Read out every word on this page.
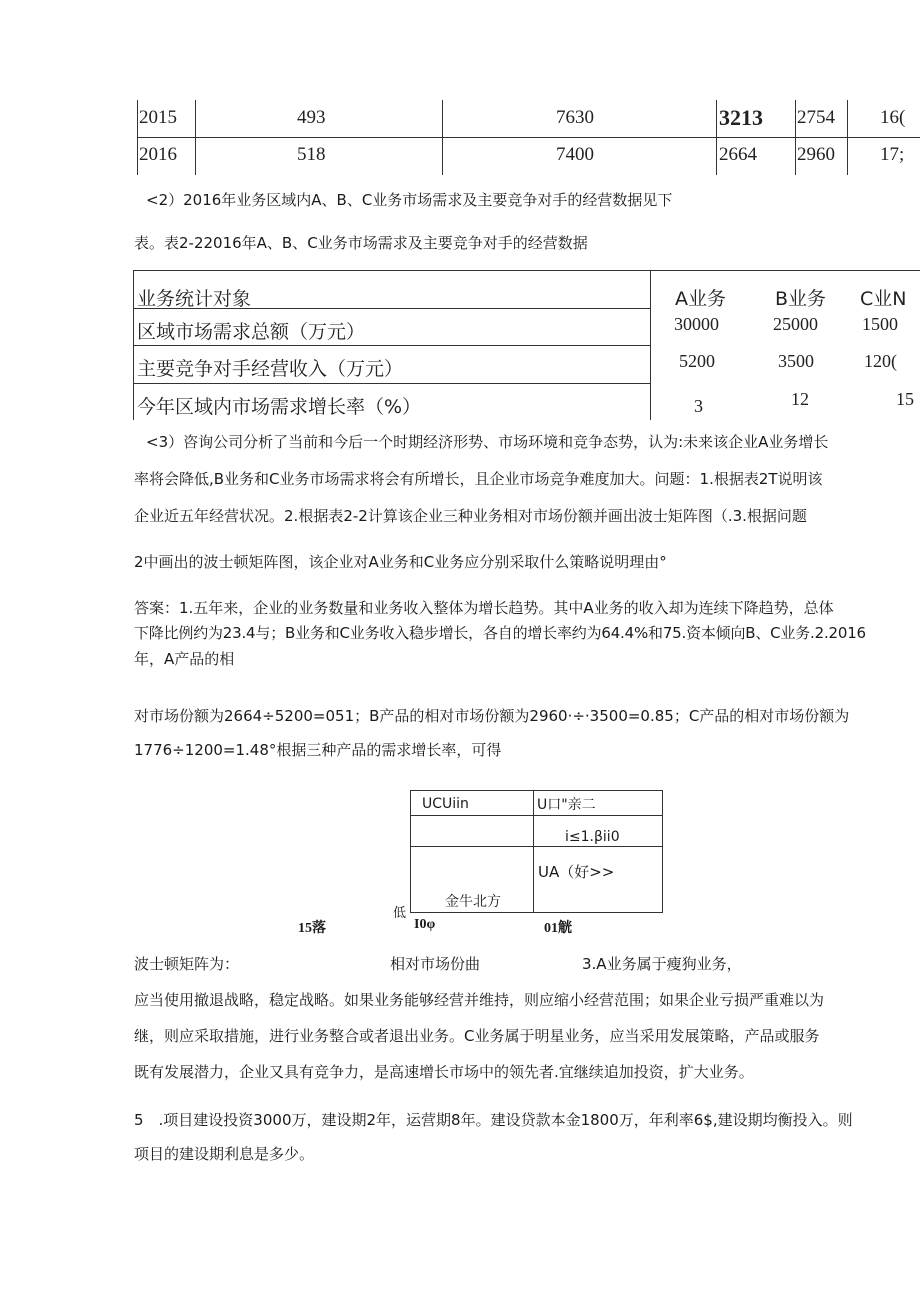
2015	493	7630	3213 2754 16(
2016	518	7400	2664 2960 17;
<2）2016年业务区域内A、B、C业务市场需求及主要竞争对手的经营数据见下
表。表2-22016年A、B、C业务市场需求及主要竞争对手的经营数据
业务统计对象	A业务	B业务 C业N
区域市场需求总额（万元）	30000	25000 1500
主要竞争对手经营收入（万元）	5200	3500	120(
今年区域内市场需求增长率（%）	3	12	15
<3）咨询公司分析了当前和今后一个时期经济形势、市场环境和竞争态势，认为:未来该企业A业务增长
率将会降低,B业务和C业务市场需求将会有所增长，且企业市场竞争难度加大。问题：1.根据表2T说明该
企业近五年经营状况。2.根据表2-2计算该企业三种业务相对市场份额并画出波士矩阵图（.3.根据问题
2中画出的波士顿矩阵图，该企业对A业务和C业务应分别采取什么策略说明理由°
答案：1.五年来，企业的业务数量和业务收入整体为增长趋势。其中A业务的收入却为连续下降趋势，总体
下降比例约为23.4与；B业务和C业务收入稳步增长，各自的增长率约为64.4%和75.资本倾向B、C业务.2.2016
年，A产品的相
对市场份额为2664÷5200=051；B产品的相对市场份额为2960·÷·3500=0.85；C产品的相对市场份额为
1776÷1200=1.48°根据三种产品的需求增长率，可得
UCUiin	U口"亲二
i≤1.βii0
UA（好>>
金牛北方
低
15落	I0φ	01觥
波士顿矩阵为：	相对市场份曲	3.A业务属于瘦狗业务，
应当使用撤退战略，稳定战略。如果业务能够经营并维持，则应缩小经营范围；如果企业亏损严重难以为
继，则应采取措施，进行业务整合或者退出业务。C业务属于明星业务，应当采用发展策略，产品或服务
既有发展潜力，企业又具有竞争力，是高速增长市场中的领先者.宜继续追加投资，扩大业务。
5　.项目建设投资3000万，建设期2年，运营期8年。建设贷款本金1800万，年利率6$,建设期均衡投入。则
项目的建设期利息是多少。
